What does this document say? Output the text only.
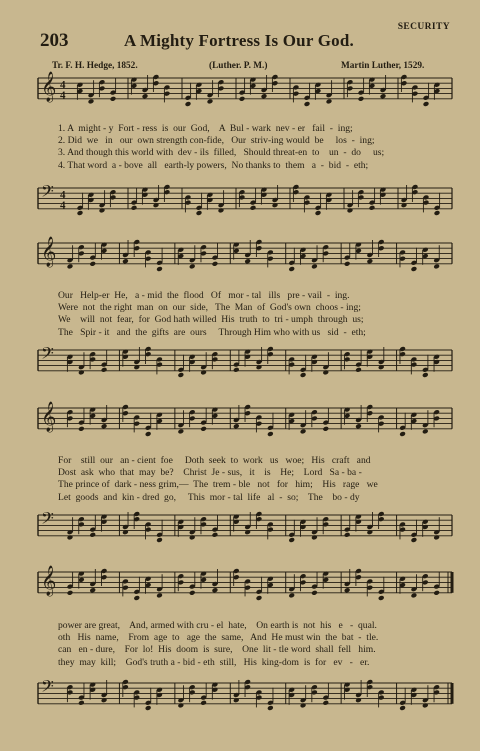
203	A Mighty Fortress Is Our God.
SECURITY
Tr. F. H. Hedge, 1852.	(Luther. P. M.)	Martin Luther, 1529.
𝄞 4
4
𝄢 4
4
1. A  might - y  Fort - ress  is  our  God,    A  Bul - wark  nev - er   fail  -  ing;
2. Did  we   in   our  own strength con-fide,   Our  striv-ing would  be     los  -  ing;
3. And though this world with  dev - ils  filled,   Should threat-en  to    un  -  do     us;
4. That word  a - bove  all   earth-ly powers,  No thanks to  them   a  -  bid  -  eth;
𝄞
𝄢
Our   Help-er  He,   a - mid  the  flood   Of   mor - tal   ills   pre - vail  -  ing.
Were  not  the right  man  on  our  side,   The  Man  of  God's own  choos - ing;
We    will  not  fear,  for  God hath willed  His  truth  to  tri - umph  through  us;
The   Spir - it   and  the  gifts  are  ours     Through Him who with us   sid  -  eth;
𝄞
𝄢
For    still  our   an - cient  foe     Doth  seek  to  work   us   woe;   His   craft   and
Dost  ask  who  that  may  be?    Christ  Je - sus,   it    is    He;    Lord   Sa - ba -
The prince of  dark - ness grim,—  The  trem - ble   not   for   him;    His   rage   we
Let  goods  and  kin - dred  go,     This  mor - tal  life   al  -  so;    The    bo - dy
𝄞
𝄢
power are great,    And, armed with cru - el  hate,    On earth is  not  his   e   -  qual.
oth   His  name,    From  age  to   age  the  same,   And  He must win  the  bat  -  tle.
can   en - dure,    For  lo!  His  doom  is  sure,    One  lit - tle word  shall  fell   him.
they  may  kill;    God's truth a - bid - eth  still,   His  king-dom  is  for   ev   -   er.
